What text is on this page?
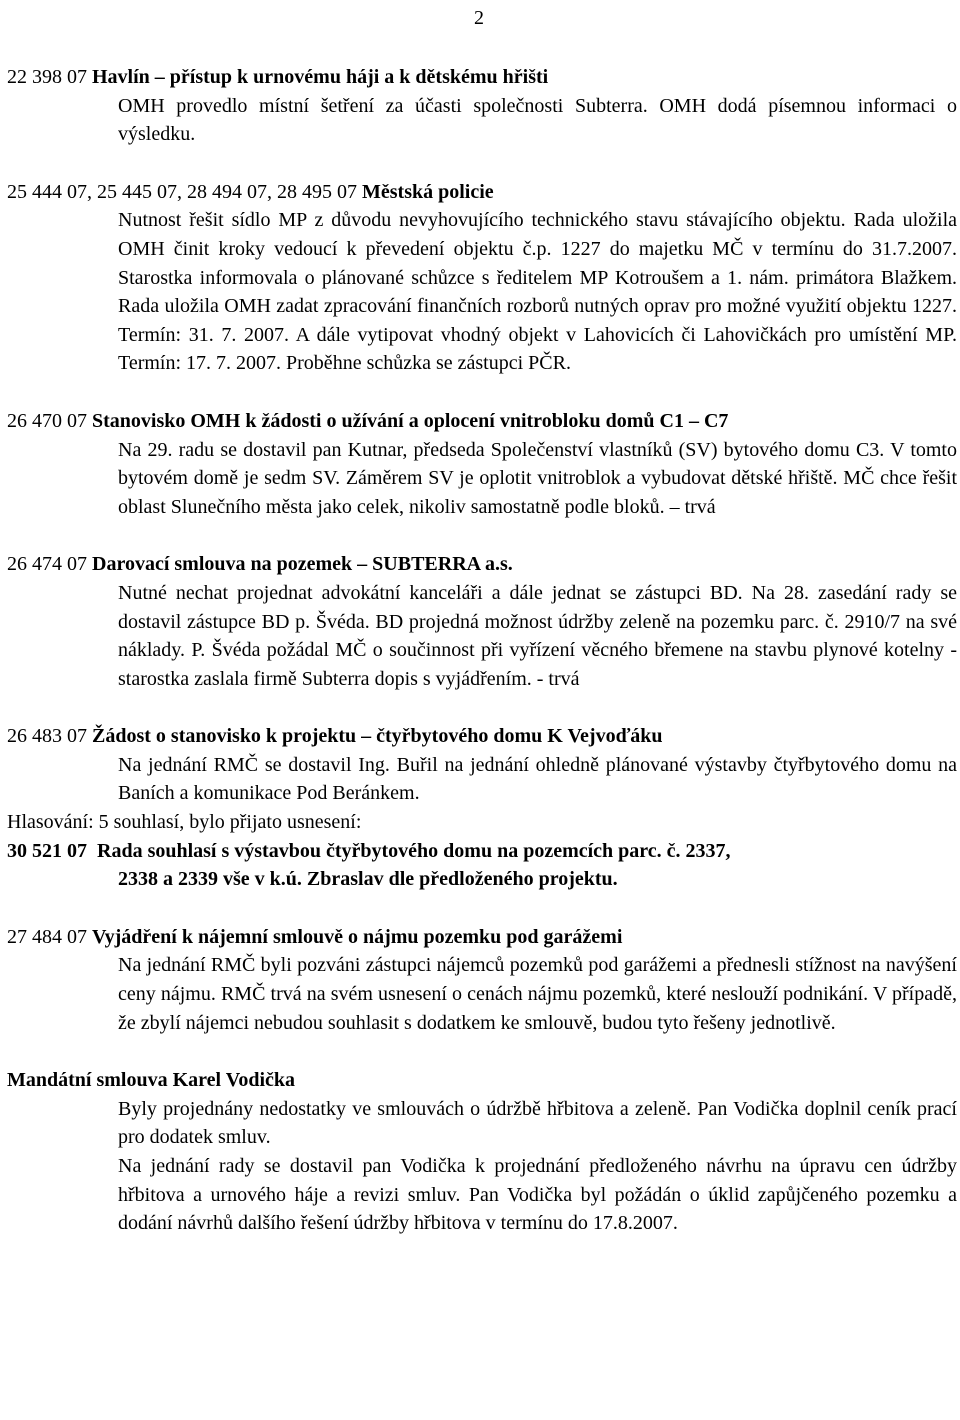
2
22 398 07 Havlín – přístup k urnovému háji a k dětskému hřišti

OMH provedlo místní šetření za účasti společnosti Subterra. OMH dodá písemnou informaci o výsledku.

25 444 07, 25 445 07, 28 494 07, 28 495 07 Městská policie

Nutnost řešit sídlo MP z důvodu nevyhovujícího technického stavu stávajícího objektu. Rada uložila OMH činit kroky vedoucí k převedení objektu č.p. 1227 do majetku MČ v termínu do 31.7.2007. Starostka informovala o plánované schůzce s ředitelem MP Kotroušem a 1. nám. primátora Blažkem. Rada uložila OMH zadat zpracování finančních rozborů nutných oprav pro možné využití objektu 1227. Termín: 31. 7. 2007. A dále vytipovat vhodný objekt v Lahovicích či Lahovičkách pro umístění MP. Termín: 17. 7. 2007. Proběhne schůzka se zástupci PČR.

26 470 07 Stanovisko OMH k žádosti o užívání a oplocení vnitrobloku domů C1 – C7

Na 29. radu se dostavil pan Kutnar, předseda Společenství vlastníků (SV) bytového domu C3. V tomto bytovém domě je sedm SV. Záměrem SV je oplotit vnitroblok a vybudovat dětské hřiště. MČ chce řešit oblast Slunečního města jako celek, nikoliv samostatně podle bloků. – trvá

26 474 07 Darovací smlouva na pozemek – SUBTERRA a.s.

Nutné nechat projednat advokátní kanceláři a dále jednat se zástupci BD. Na 28. zasedání rady se dostavil zástupce BD p. Švéda. BD projedná možnost údržby zeleně na pozemku parc. č. 2910/7 na své náklady. P. Švéda požádal MČ o součinnost při vyřízení věcného břemene na stavbu plynové kotelny - starostka zaslala firmě Subterra dopis s vyjádřením. - trvá

26 483 07 Žádost o stanovisko k projektu – čtyřbytového domu K Vejvoďáku

Na jednání RMČ se dostavil Ing. Buřil na jednání ohledně plánované výstavby čtyřbytového domu na Baních a komunikace Pod Beránkem.

Hlasování: 5 souhlasí, bylo přijato usnesení:

30 521 07 Rada souhlasí s výstavbou čtyřbytového domu na pozemcích parc. č. 2337,
2338 a 2339 vše v k.ú. Zbraslav dle předloženého projektu.
27 484 07 Vyjádření k nájemní smlouvě o nájmu pozemku pod garážemi

Na jednání RMČ byli pozváni zástupci nájemců pozemků pod garážemi a přednesli stížnost na navýšení ceny nájmu. RMČ trvá na svém usnesení o cenách nájmu pozemků, které neslouží podnikání. V případě, že zbylí nájemci nebudou souhlasit s dodatkem ke smlouvě, budou tyto řešeny jednotlivě.

Mandátní smlouva Karel Vodička

Byly projednány nedostatky ve smlouvách o údržbě hřbitova a zeleně. Pan Vodička doplnil ceník prací pro dodatek smluv.

Na jednání rady se dostavil pan Vodička k projednání předloženého návrhu na úpravu cen údržby hřbitova a urnového háje a revizi smluv. Pan Vodička byl požádán o úklid zapůjčeného pozemku a dodání návrhů dalšího řešení údržby hřbitova v termínu do 17.8.2007.
